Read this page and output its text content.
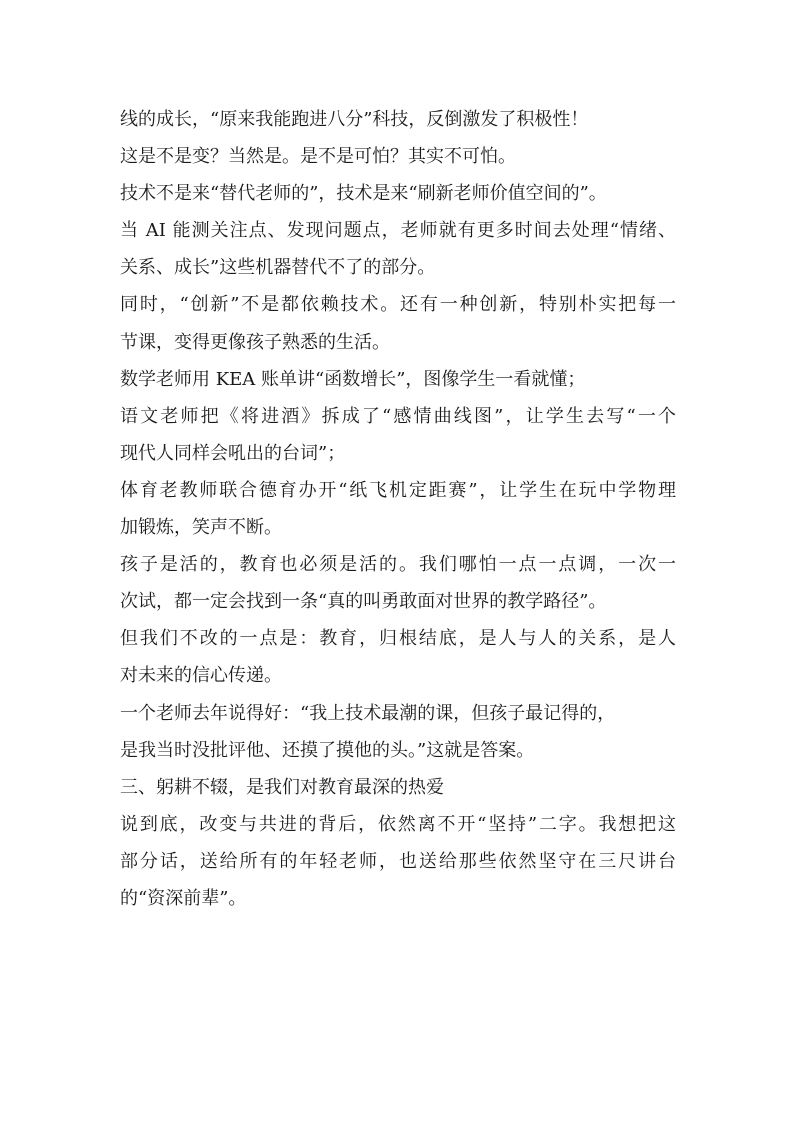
线的成长，“原来我能跑进八分”科技，反倒激发了积极性！
这是不是变？当然是。是不是可怕？其实不可怕。
技术不是来“替代老师的”，技术是来“刷新老师价值空间的”。
当 AI 能测关注点、发现问题点，老师就有更多时间去处理“情绪、
关系、成长”这些机器替代不了的部分。
同时，“创新”不是都依赖技术。还有一种创新，特别朴实把每一
节课，变得更像孩子熟悉的生活。
数学老师用 KEA 账单讲“函数增长”，图像学生一看就懂；
语文老师把《将进酒》拆成了“感情曲线图”，让学生去写“一个
现代人同样会吼出的台词”；
体育老教师联合德育办开“纸飞机定距赛”，让学生在玩中学物理
加锻炼，笑声不断。
孩子是活的，教育也必须是活的。我们哪怕一点一点调，一次一
次试，都一定会找到一条“真的叫勇敢面对世界的教学路径”。
但我们不改的一点是：教育，归根结底，是人与人的关系，是人
对未来的信心传递。
一个老师去年说得好：“我上技术最潮的课，但孩子最记得的，
是我当时没批评他、还摸了摸他的头。”这就是答案。
三、躬耕不辍，是我们对教育最深的热爱
说到底，改变与共进的背后，依然离不开“坚持”二字。我想把这
部分话，送给所有的年轻老师，也送给那些依然坚守在三尺讲台
的“资深前辈”。
